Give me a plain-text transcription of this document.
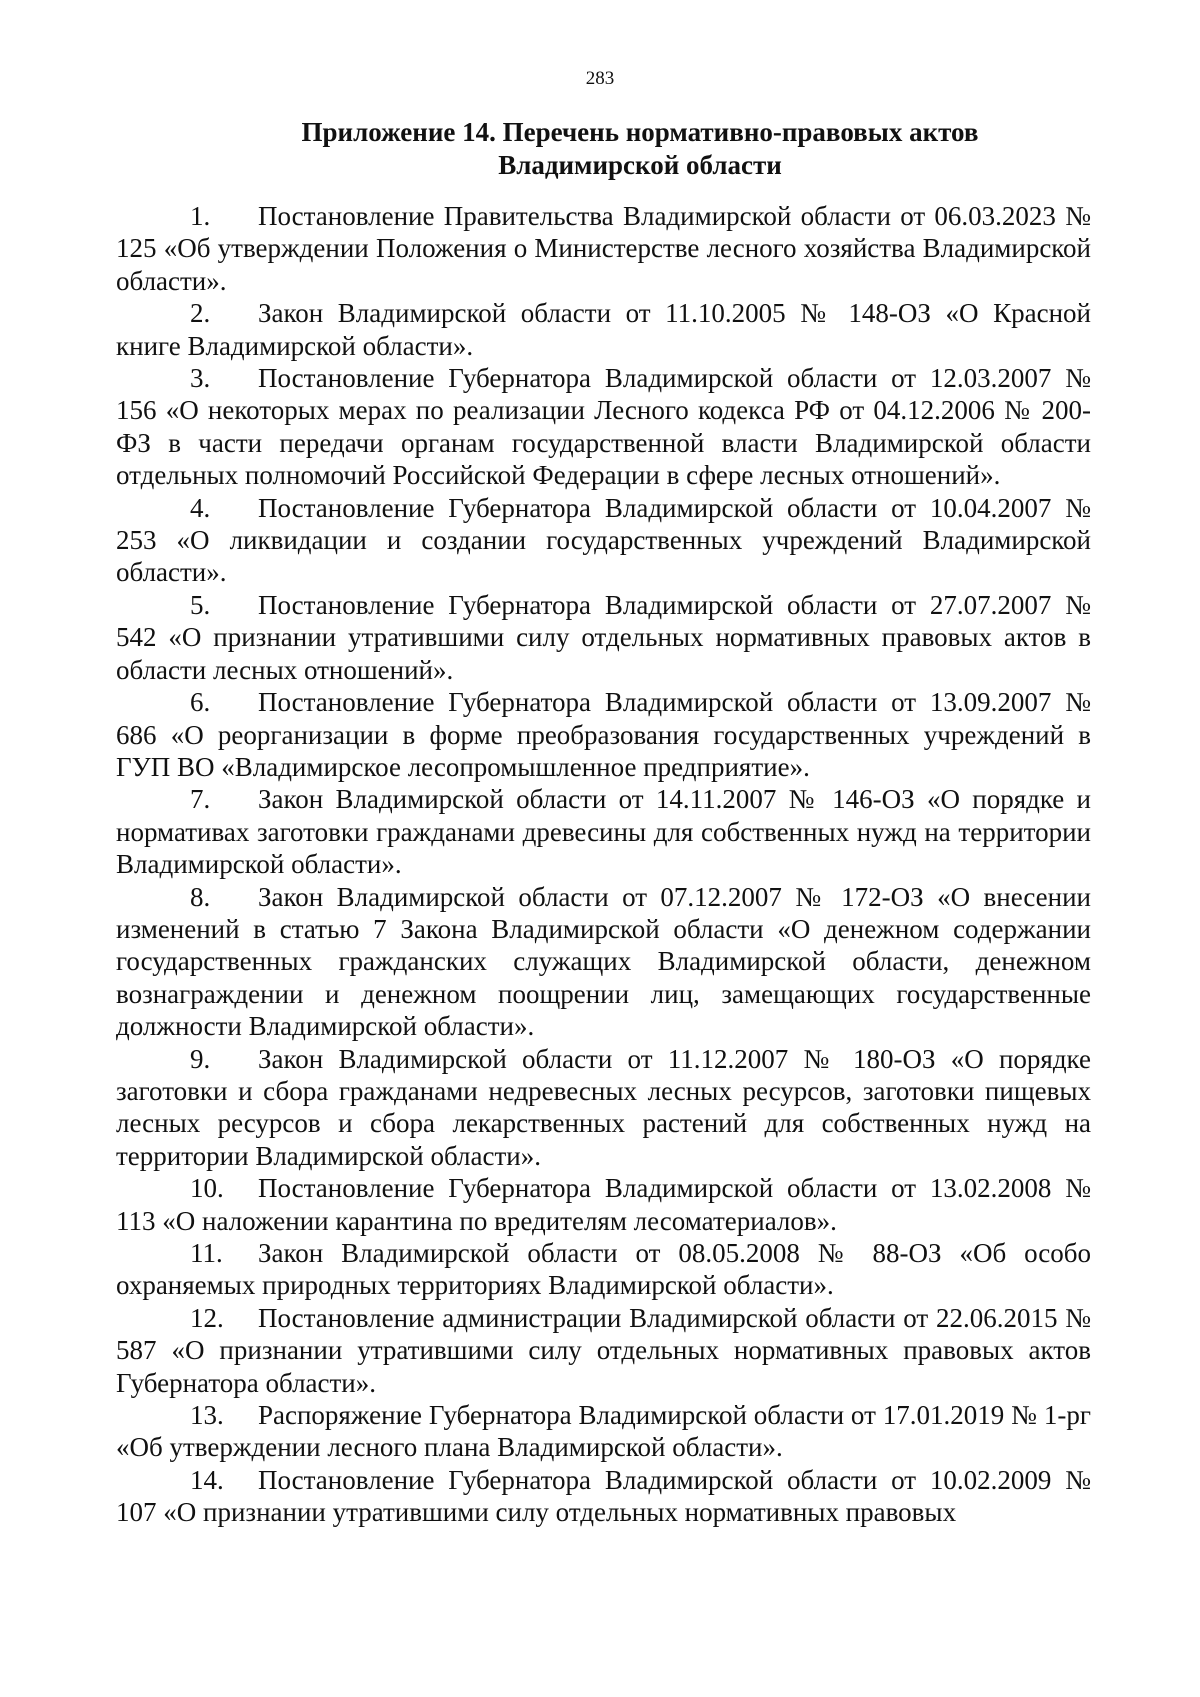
283
Приложение 14. Перечень нормативно-правовых актов
Владимирской области
1. Постановление Правительства Владимирской области от 06.03.2023 № 125 «Об утверждении Положения о Министерстве лесного хозяйства Владимирской области».
2. Закон Владимирской области от 11.10.2005 № 148-ОЗ «О Красной книге Владимирской области».
3. Постановление Губернатора Владимирской области от 12.03.2007 № 156 «О некоторых мерах по реализации Лесного кодекса РФ от 04.12.2006 № 200-ФЗ в части передачи органам государственной власти Владимирской области отдельных полномочий Российской Федерации в сфере лесных отношений».
4. Постановление Губернатора Владимирской области от 10.04.2007 № 253 «О ликвидации и создании государственных учреждений Владимирской области».
5. Постановление Губернатора Владимирской области от 27.07.2007 № 542 «О признании утратившими силу отдельных нормативных правовых актов в области лесных отношений».
6. Постановление Губернатора Владимирской области от 13.09.2007 № 686 «О реорганизации в форме преобразования государственных учреждений в ГУП ВО «Владимирское лесопромышленное предприятие».
7. Закон Владимирской области от 14.11.2007 № 146-ОЗ «О порядке и нормативах заготовки гражданами древесины для собственных нужд на территории Владимирской области».
8. Закон Владимирской области от 07.12.2007 № 172-ОЗ «О внесении изменений в статью 7 Закона Владимирской области «О денежном содержании государственных гражданских служащих Владимирской области, денежном вознаграждении и денежном поощрении лиц, замещающих государственные должности Владимирской области».
9. Закон Владимирской области от 11.12.2007 № 180-ОЗ «О порядке заготовки и сбора гражданами недревесных лесных ресурсов, заготовки пищевых лесных ресурсов и сбора лекарственных растений для собственных нужд на территории Владимирской области».
10. Постановление Губернатора Владимирской области от 13.02.2008 № 113 «О наложении карантина по вредителям лесоматериалов».
11. Закон Владимирской области от 08.05.2008 № 88-ОЗ «Об особо охраняемых природных территориях Владимирской области».
12. Постановление администрации Владимирской области от 22.06.2015 № 587 «О признании утратившими силу отдельных нормативных правовых актов Губернатора области».
13. Распоряжение Губернатора Владимирской области от 17.01.2019 № 1-рг «Об утверждении лесного плана Владимирской области».
14. Постановление Губернатора Владимирской области от 10.02.2009 № 107 «О признании утратившими силу отдельных нормативных правовых
